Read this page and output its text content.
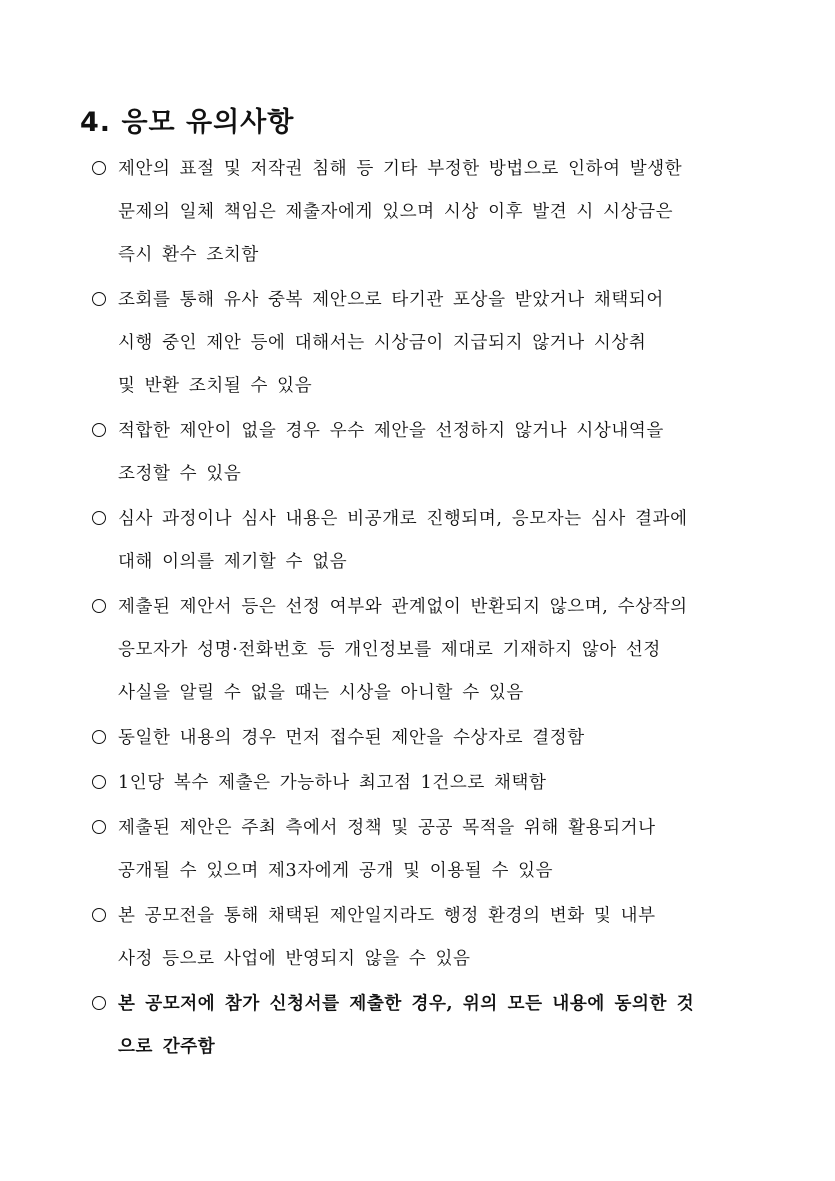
4. 응모 유의사항
제안의 표절 및 저작권 침해 등 기타 부정한 방법으로 인하여 발생한
문제의 일체 책임은 제출자에게 있으며 시상 이후 발견 시 시상금은
즉시 환수 조치함
조회를 통해 유사 중복 제안으로 타기관 포상을 받았거나 채택되어
시행 중인 제안 등에 대해서는 시상금이 지급되지 않거나 시상취
및 반환 조치될 수 있음
적합한 제안이 없을 경우 우수 제안을 선정하지 않거나 시상내역을
조정할 수 있음
심사 과정이나 심사 내용은 비공개로 진행되며, 응모자는 심사 결과에
대해 이의를 제기할 수 없음
제출된 제안서 등은 선정 여부와 관계없이 반환되지 않으며, 수상작의
응모자가 성명·전화번호 등 개인정보를 제대로 기재하지 않아 선정
사실을 알릴 수 없을 때는 시상을 아니할 수 있음
동일한 내용의 경우 먼저 접수된 제안을 수상자로 결정함
1인당 복수 제출은 가능하나 최고점 1건으로 채택함
제출된 제안은 주최 측에서 정책 및 공공 목적을 위해 활용되거나
공개될 수 있으며 제3자에게 공개 및 이용될 수 있음
본 공모전을 통해 채택된 제안일지라도 행정 환경의 변화 및 내부
사정 등으로 사업에 반영되지 않을 수 있음
본 공모저에 참가 신청서를 제출한 경우, 위의 모든 내용에 동의한 것
으로 간주함
